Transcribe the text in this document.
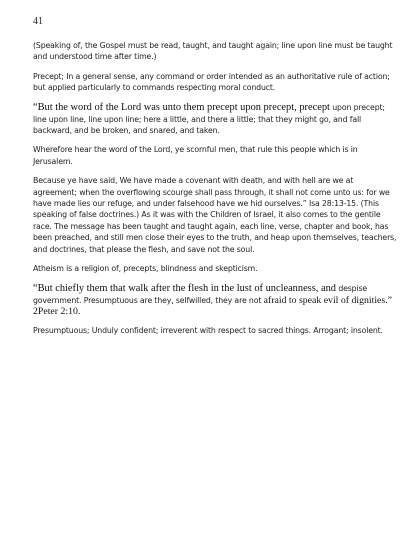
41

(Speaking of, the Gospel must be read, taught, and taught again; line upon line must be taught and understood time after time.)

Precept; In a general sense, any command or order intended as an authoritative rule of action; but applied particularly to commands respecting moral conduct.

“But the word of the Lord was unto them precept upon precept, precept upon precept; line upon line, line upon line; here a little, and there a little; that they might go, and fall backward, and be broken, and snared, and taken.

Wherefore hear the word of the Lord, ye scornful men, that rule this people which is in Jerusalem.

Because ye have said, We have made a covenant with death, and with hell are we at agreement; when the overflowing scourge shall pass through, it shall not come unto us: for we have made lies our refuge, and under falsehood have we hid ourselves.” Isa 28:13-15. (This speaking of false doctrines.) As it was with the Children of Israel, it also comes to the gentile race. The message has been taught and taught again, each line, verse, chapter and book, has been preached, and still men close their eyes to the truth, and heap upon themselves, teachers, and doctrines, that please the flesh, and save not the soul.

Atheism is a religion of, precepts, blindness and skepticism.

“But chiefly them that walk after the flesh in the lust of uncleanness, and despise government. Presumptuous are they, selfwilled, they are not afraid to speak evil of dignities.” 2Peter 2:10.

Presumptuous; Unduly confident; irreverent with respect to sacred things. Arrogant; insolent.
